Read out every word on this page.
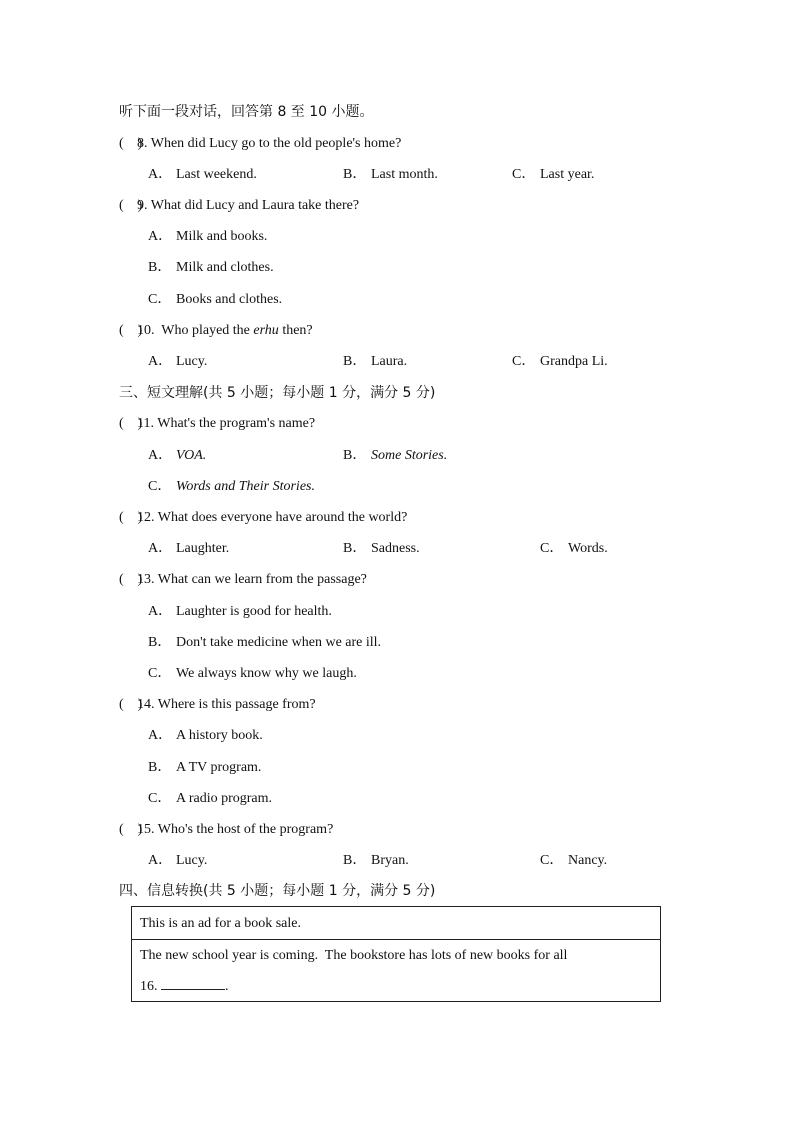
听下面一段对话，回答第 8 至 10 小题。
(　)8. When did Lucy go to the old people's home?
A． Last weekend.	B． Last month.	C． Last year.
(　)9. What did Lucy and Laura take there?
A． Milk and books.
B． Milk and clothes.
C． Books and clothes.
(　)10.  Who played the erhu then?
A． Lucy.	B． Laura.	C． Grandpa Li.
三、短文理解(共 5 小题；每小题 1 分，满分 5 分)
(　)11. What's the program's name?
A． VOA.	B． Some Stories.
C． Words and Their Stories.
(　)12. What does everyone have around the world?
A． Laughter.	B． Sadness.	C． Words.
(　)13. What can we learn from the passage?
A． Laughter is good for health.
B． Don't take medicine when we are ill.
C． We always know why we laugh.
(　)14. Where is this passage from?
A． A history book.
B． A TV program.
C． A radio program.
(　)15. Who's the host of the program?
A． Lucy.	B． Bryan.	C． Nancy.
四、信息转换(共 5 小题；每小题 1 分，满分 5 分)
This is an ad for a book sale.
The new school year is coming.  The bookstore has lots of new books for all
16.	.
